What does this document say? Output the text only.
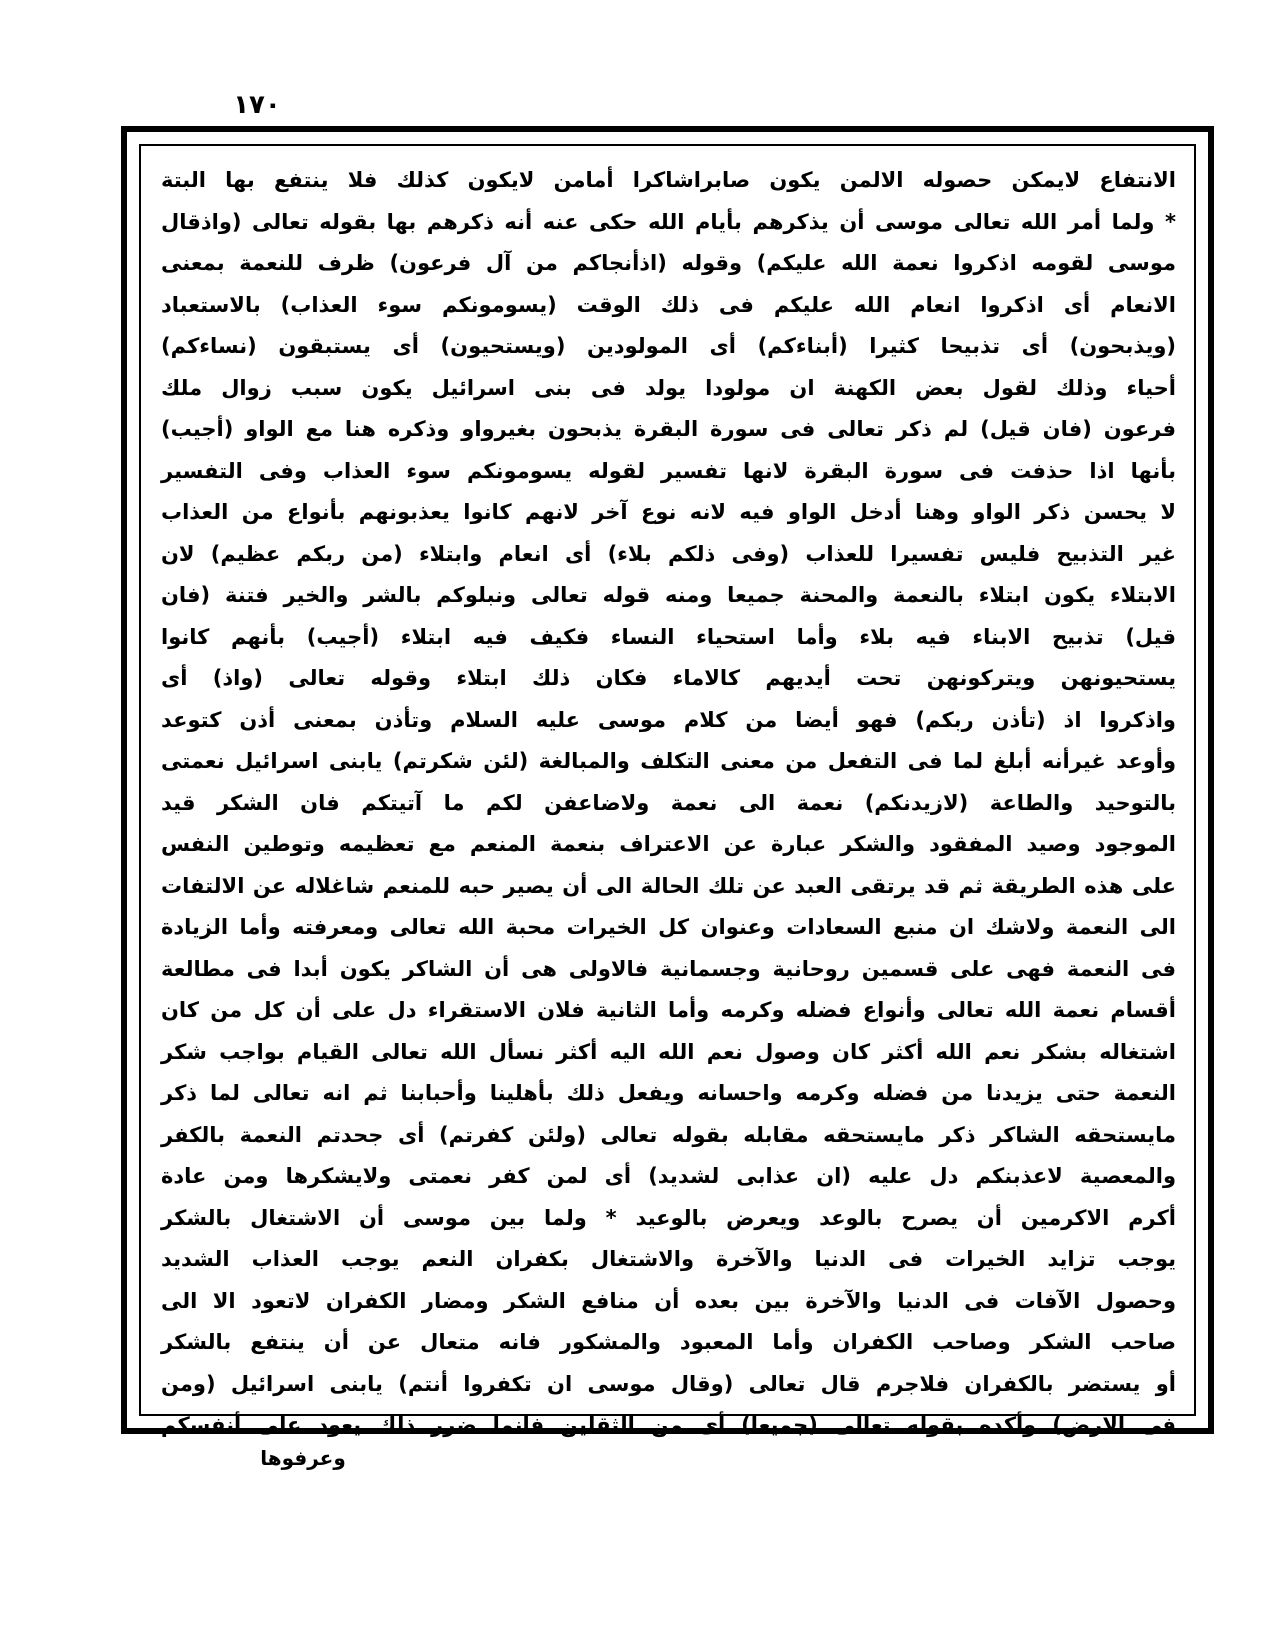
١٧٠
الانتفاع لايمكن حصوله الالمن يكون صابراشاكرا أمامن لايكون كذلك فلا ينتفع بها البتة
* ولما أمر الله تعالى موسى أن يذكرهم بأيام الله حكى عنه أنه ذكرهم بها بقوله تعالى (واذقال
موسى لقومه اذكروا نعمة الله عليكم) وقوله (اذأنجاكم من آل فرعون) ظرف للنعمة بمعنى
الانعام أى اذكروا انعام الله عليكم فى ذلك الوقت (يسومونكم سوء العذاب) بالاستعباد
(ويذبحون) أى تذبيحا كثيرا (أبناءكم) أى المولودين (ويستحيون) أى يستبقون (نساءكم)
أحياء وذلك لقول بعض الكهنة ان مولودا يولد فى بنى اسرائيل يكون سبب زوال ملك
فرعون (فان قيل) لم ذكر تعالى فى سورة البقرة يذبحون بغيرواو وذكره هنا مع الواو (أجيب)
بأنها اذا حذفت فى سورة البقرة لانها تفسير لقوله يسومونكم سوء العذاب وفى التفسير
لا يحسن ذكر الواو وهنا أدخل الواو فيه لانه نوع آخر لانهم كانوا يعذبونهم بأنواع من العذاب
غير التذبيح فليس تفسيرا للعذاب (وفى ذلكم بلاء) أى انعام وابتلاء (من ربكم عظيم) لان
الابتلاء يكون ابتلاء بالنعمة والمحنة جميعا ومنه قوله تعالى ونبلوكم بالشر والخير فتنة (فان
قيل) تذبيح الابناء فيه بلاء وأما استحياء النساء فكيف فيه ابتلاء (أجيب) بأنهم كانوا
يستحيونهن ويتركونهن تحت أيديهم كالاماء فكان ذلك ابتلاء وقوله تعالى (واذ) أى
واذكروا اذ (تأذن ربكم) فهو أيضا من كلام موسى عليه السلام وتأذن بمعنى أذن كتوعد
وأوعد غيرأنه أبلغ لما فى التفعل من معنى التكلف والمبالغة (لئن شكرتم) يابنى اسرائيل نعمتى
بالتوحيد والطاعة (لازيدنكم) نعمة الى نعمة ولاضاعفن لكم ما آتيتكم فان الشكر قيد
الموجود وصيد المفقود والشكر عبارة عن الاعتراف بنعمة المنعم مع تعظيمه وتوطين النفس
على هذه الطريقة ثم قد يرتقى العبد عن تلك الحالة الى أن يصير حبه للمنعم شاغلاله عن الالتفات
الى النعمة ولاشك ان منبع السعادات وعنوان كل الخيرات محبة الله تعالى ومعرفته وأما الزيادة
فى النعمة فهى على قسمين روحانية وجسمانية فالاولى هى أن الشاكر يكون أبدا فى مطالعة
أقسام نعمة الله تعالى وأنواع فضله وكرمه وأما الثانية فلان الاستقراء دل على أن كل من كان
اشتغاله بشكر نعم الله أكثر كان وصول نعم الله اليه أكثر نسأل الله تعالى القيام بواجب شكر
النعمة حتى يزيدنا من فضله وكرمه واحسانه ويفعل ذلك بأهلينا وأحبابنا ثم انه تعالى لما ذكر
مايستحقه الشاكر ذكر مايستحقه مقابله بقوله تعالى (ولئن كفرتم) أى جحدتم النعمة بالكفر
والمعصية لاعذبنكم دل عليه (ان عذابى لشديد) أى لمن كفر نعمتى ولايشكرها ومن عادة
أكرم الاكرمين أن يصرح بالوعد ويعرض بالوعيد * ولما بين موسى أن الاشتغال بالشكر
يوجب تزايد الخيرات فى الدنيا والآخرة والاشتغال بكفران النعم يوجب العذاب الشديد
وحصول الآفات فى الدنيا والآخرة بين بعده أن منافع الشكر ومضار الكفران لاتعود الا الى
صاحب الشكر وصاحب الكفران وأما المعبود والمشكور فانه متعال عن أن ينتفع بالشكر
أو يستضر بالكفران فلاجرم قال تعالى (وقال موسى ان تكفروا أنتم) يابنى اسرائيل (ومن
فى الارض) وأكده بقوله تعالى (جميعا) أى من الثقلين فانما ضرر ذلك يعود على أنفسكم
وعرفوها
